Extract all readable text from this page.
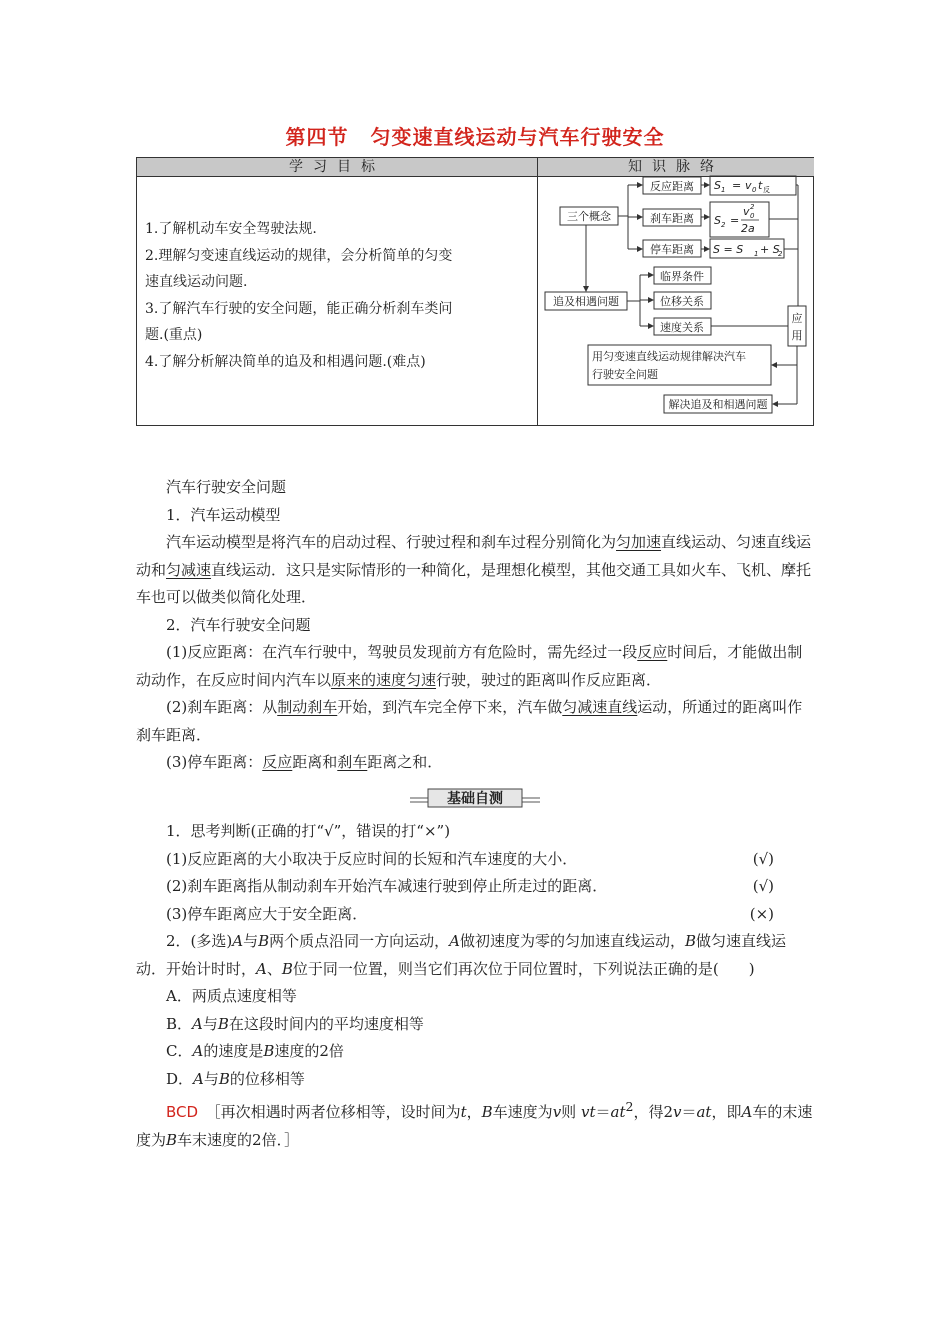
第四节 匀变速直线运动与汽车行驶安全
学习目标	知识脉络
1.了解机动车安全驾驶法规.
2.理解匀变速直线运动的规律，会分析简单的匀变
速直线运动问题.
3.了解汽车行驶的安全问题，能正确分析刹车类问
题.(重点)
4.了解分析解决简单的追及和相遇问题.(难点)
三个概念
反应距离
刹车距离
停车距离
追及相遇问题
临界条件
位移关系
速度关系
应
用
用匀变速直线运动规律解决汽车
行驶安全问题
解决追及和相遇问题
S 1 = v 0 t 反
S 2 =
v 0
2
2a
S = S 1 + S
2

汽车行驶安全问题

1．汽车运动模型

汽车运动模型是将汽车的启动过程、行驶过程和刹车过程分别简化为匀加速直线运动、匀速直线运动和匀减速直线运动．这只是实际情形的一种简化，是理想化模型，其他交通工具如火车、飞机、摩托车也可以做类似简化处理．

2．汽车行驶安全问题

(1)反应距离：在汽车行驶中，驾驶员发现前方有危险时，需先经过一段反应时间后，才能做出制动动作，在反应时间内汽车以原来的速度匀速行驶，驶过的距离叫作反应距离．

(2)刹车距离：从制动刹车开始，到汽车完全停下来，汽车做匀减速直线运动，所通过的距离叫作刹车距离．

(3)停车距离：反应距离和刹车距离之和．

基础自测

1．思考判断(正确的打“√”，错误的打“×”)

(1)反应距离的大小取决于反应时间的长短和汽车速度的大小．	(√)
(2)刹车距离指从制动刹车开始汽车减速行驶到停止所走过的距离．	(√)
(3)停车距离应大于安全距离．	(×)

2．(多选)A与B两个质点沿同一方向运动，A做初速度为零的匀加速直线运动，B做匀速直线运动．开始计时时，A、B位于同一位置，则当它们再次位于同位置时，下列说法正确的是(　　)

A．两质点速度相等

B．A与B在这段时间内的平均速度相等

C．A的速度是B速度的2倍

D．A与B的位移相等

BCD　 ［再次相遇时两者位移相等，设时间为t，B车速度为v则 $vt=at^2$，得2v＝at，即A车的末速度为B车末速度的2倍．］
